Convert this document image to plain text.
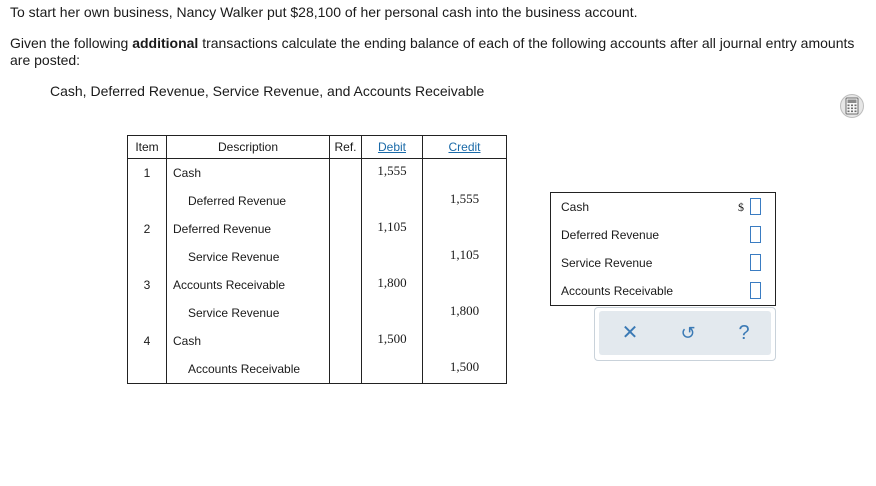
To start her own business, Nancy Walker put $28,100 of her personal cash into the business account.
Given the following additional transactions calculate the ending balance of each of the following accounts after all journal entry amounts are posted:
Cash, Deferred Revenue, Service Revenue, and Accounts Receivable
Item	Description	Ref.	Debit	Credit
1	Cash		1,555	
	Deferred Revenue			1,555
2	Deferred Revenue		1,105	
	Service Revenue			1,105
3	Accounts Receivable		1,800	
	Service Revenue			1,800
4	Cash		1,500	
	Accounts Receivable			1,500
Cash	$
Deferred Revenue
Service Revenue
Accounts Receivable
✕ ↺	?
